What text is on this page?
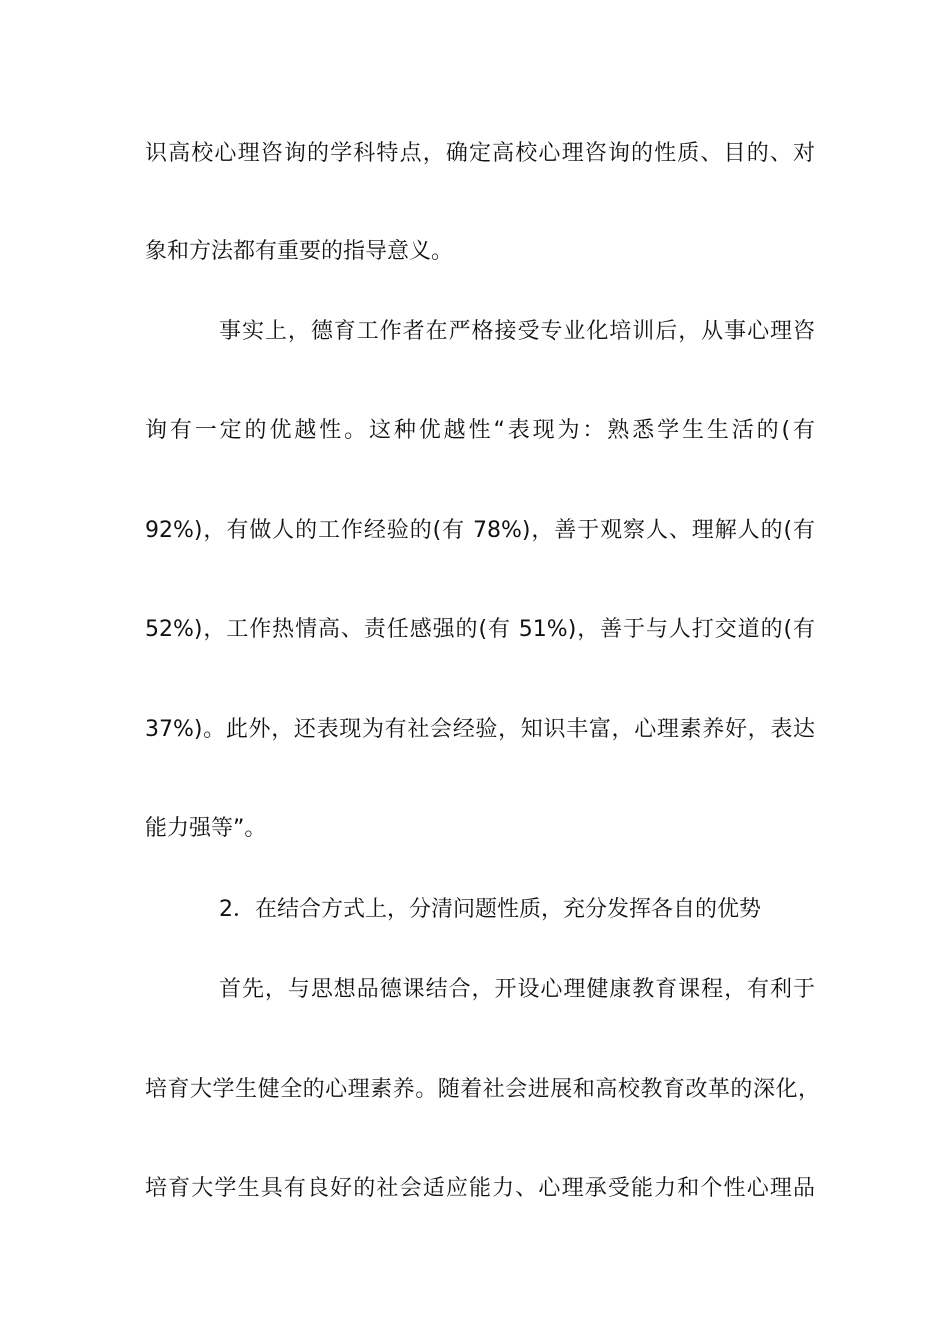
识高校心理咨询的学科特点，确定高校心理咨询的性质、目的、对
象和方法都有重要的指导意义。
事实上，德育工作者在严格接受专业化培训后，从事心理咨
询有一定的优越性。这种优越性“表现为：熟悉学生生活的(有
92%)，有做人的工作经验的(有 78%)，善于观察人、理解人的(有
52%)，工作热情高、责任感强的(有 51%)，善于与人打交道的(有
37%)。此外，还表现为有社会经验，知识丰富，心理素养好，表达
能力强等”。
2．在结合方式上，分清问题性质，充分发挥各自的优势
首先，与思想品德课结合，开设心理健康教育课程，有利于
培育大学生健全的心理素养。随着社会进展和高校教育改革的深化，
培育大学生具有良好的社会适应能力、心理承受能力和个性心理品
